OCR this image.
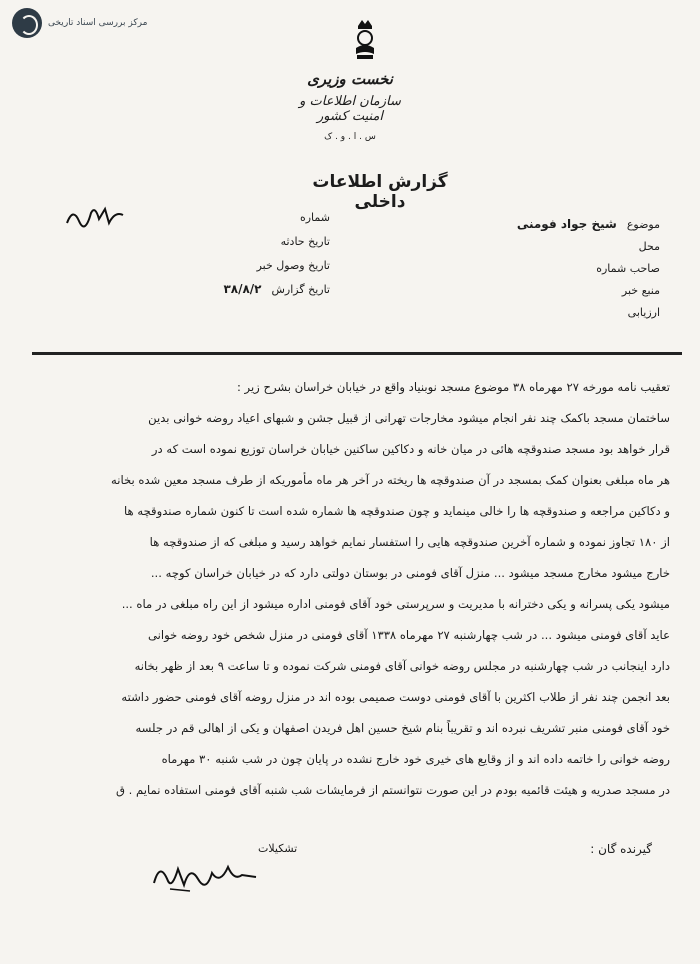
مرکز بررسی اسناد تاریخی
نخست وزیری
سازمان اطلاعات و امنیت کشور
س . ا . و . ک
گزارش اطلاعات داخلی
موضوع
شیخ جواد فومنی
محل
صاحب شماره
منبع خبر
ارزیابی
شماره
تاریخ حادثه
تاریخ وصول خبر
تاریخ گزارش
۳۸/۸/۲
تعقیب نامه مورخه ۲۷ مهرماه ۳۸ موضوع مسجد نوبنیاد واقع در خیابان خراسان بشرح زیر :
ساختمان مسجد باکمک چند نفر انجام میشود مخارجات تهرانی از قبیل جشن و شبهای اعیاد روضه خوانی بدین
قرار خواهد بود مسجد صندوقچه هائی در میان خانه و دکاکین ساکنین خیابان خراسان توزیع نموده است که در
هر ماه مبلغی بعنوان کمک بمسجد در آن صندوقچه ها ریخته در آخر هر ماه مأموریکه از طرف مسجد معین شده بخانه
و دکاکین مراجعه و صندوقچه ها را خالی مینماید و چون صندوقچه ها شماره شده است تا کنون شماره صندوقچه ها
از ۱۸۰ تجاوز نموده و شماره آخرین صندوقچه هایی را استفسار نمایم خواهد رسید و مبلغی که از صندوقچه ها
خارج میشود مخارج مسجد میشود ... منزل آقای فومنی در بوستان دولتی دارد که در خیابان خراسان کوچه ...
میشود یکی پسرانه و یکی دخترانه با مدیریت و سرپرستی خود آقای فومنی اداره میشود از این راه مبلغی در ماه ...
عاید آقای فومنی میشود ... در شب چهارشنبه ۲۷ مهرماه ۱۳۳۸ آقای فومنی در منزل شخص خود روضه خوانی
دارد اینجانب در شب چهارشنبه در مجلس روضه خوانی آقای فومنی شرکت نموده و تا ساعت ۹ بعد از ظهر بخانه
بعد انجمن چند نفر از طلاب اکثرین با آقای فومنی دوست صمیمی بوده اند در منزل روضه آقای فومنی حضور داشته
خود آقای فومنی منبر تشریف نبرده اند و تقریباً بنام شیخ حسین اهل فریدن اصفهان و یکی از اهالی قم در جلسه
روضه خوانی را خاتمه داده اند و از وقایع های خیری خود خارج نشده در پایان چون در شب شنبه ۳۰ مهرماه
در مسجد صدریه و هیئت قائمیه بودم در این صورت نتوانستم از فرمایشات شب شنبه آقای فومنی استفاده نمایم . ق
گیرنده گان :
تشکیلات
